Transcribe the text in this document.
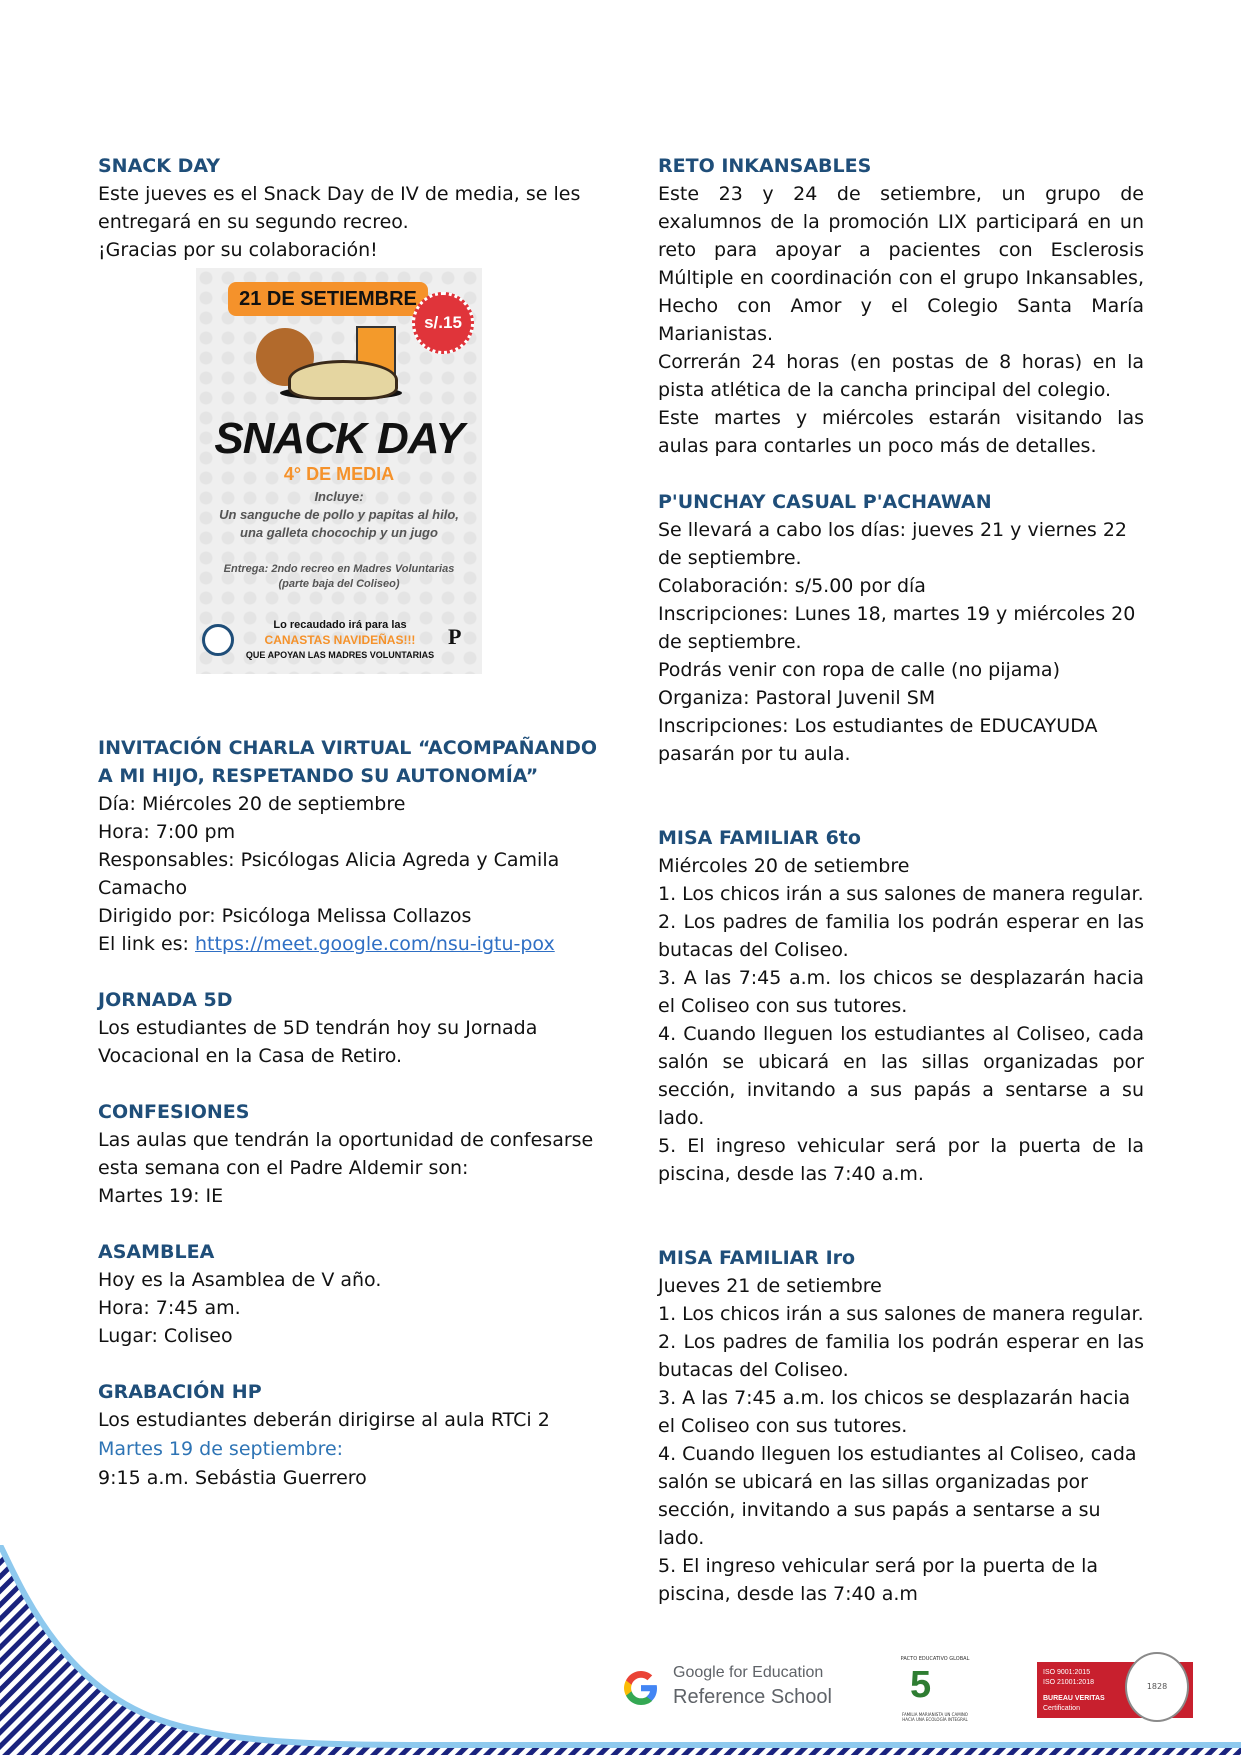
SNACK DAY

Este jueves es el Snack Day de IV de media, se les

entregará en su segundo recreo.

¡Gracias por su colaboración!

21 DE SETIEMBRE
s/.15
SNACK DAY
4° DE MEDIA
Incluye:
Un sanguche de pollo y papitas al hilo, una galleta chocochip y un jugo
Entrega: 2ndo recreo en Madres Voluntarias (parte baja del Coliseo)
Lo recaudado irá para las
CANASTAS NAVIDEÑAS!!!
QUE APOYAN LAS MADRES VOLUNTARIAS
P

INVITACIÓN CHARLA VIRTUAL “ACOMPAÑANDO A MI HIJO, RESPETANDO SU AUTONOMÍA”

Día: Miércoles 20 de septiembre

Hora: 7:00 pm

Responsables: Psicólogas Alicia Agreda y Camila Camacho

Dirigido por: Psicóloga Melissa Collazos

El link es: https://meet.google.com/nsu-igtu-pox

JORNADA 5D

Los estudiantes de 5D tendrán hoy su Jornada Vocacional en la Casa de Retiro.

CONFESIONES

Las aulas que tendrán la oportunidad de confesarse esta semana con el Padre Aldemir son:

Martes 19: IE

ASAMBLEA

Hoy es la Asamblea de V año.

Hora: 7:45 am.

Lugar: Coliseo

GRABACIÓN HP

Los estudiantes deberán dirigirse al aula RTCi 2

Martes 19 de septiembre:

9:15 a.m. Sebástia Guerrero

RETO INKANSABLES

Este 23 y 24 de setiembre, un grupo de exalumnos de la promoción LIX participará en un reto para apoyar a pacientes con Esclerosis Múltiple en coordinación con el grupo Inkansables, Hecho con Amor y el Colegio Santa María Marianistas.

Correrán 24 horas (en postas de 8 horas) en la pista atlética de la cancha principal del colegio.

Este martes y miércoles estarán visitando las aulas para contarles un poco más de detalles.

P'UNCHAY CASUAL P'ACHAWAN

Se llevará a cabo los días: jueves 21 y viernes 22 de septiembre.

Colaboración: s/5.00 por día

Inscripciones: Lunes 18, martes 19 y miércoles 20 de septiembre.

Podrás venir con ropa de calle (no pijama)

Organiza: Pastoral Juvenil SM

Inscripciones: Los estudiantes de EDUCAYUDA pasarán por tu aula.

MISA FAMILIAR 6to

Miércoles 20 de setiembre

1. Los chicos irán a sus salones de manera regular.

2. Los padres de familia los podrán esperar en las butacas del Coliseo.

3. A las 7:45 a.m. los chicos se desplazarán hacia el Coliseo con sus tutores.

4. Cuando lleguen los estudiantes al Coliseo, cada salón se ubicará en las sillas organizadas por sección, invitando a sus papás a sentarse a su lado.

5. El ingreso vehicular será por la puerta de la piscina, desde las 7:40 a.m.

MISA FAMILIAR Iro

Jueves 21 de setiembre

1. Los chicos irán a sus salones de manera regular.

2. Los padres de familia los podrán esperar en las butacas del Coliseo.

3. A las 7:45 a.m. los chicos se desplazarán hacia el Coliseo con sus tutores.

4. Cuando lleguen los estudiantes al Coliseo, cada salón se ubicará en las sillas organizadas por sección, invitando a sus papás a sentarse a su lado.

5. El ingreso vehicular será por la puerta de la piscina, desde las 7:40 a.m

Google for Education
Reference School
PACTO EDUCATIVO GLOBAL
5
FAMILIA MARIANISTA UN CAMINO HACIA UNA ECOLOGÍA INTEGRAL
ISO 9001:2015
ISO 21001:2018
BUREAU VERITAS
Certification
1828
